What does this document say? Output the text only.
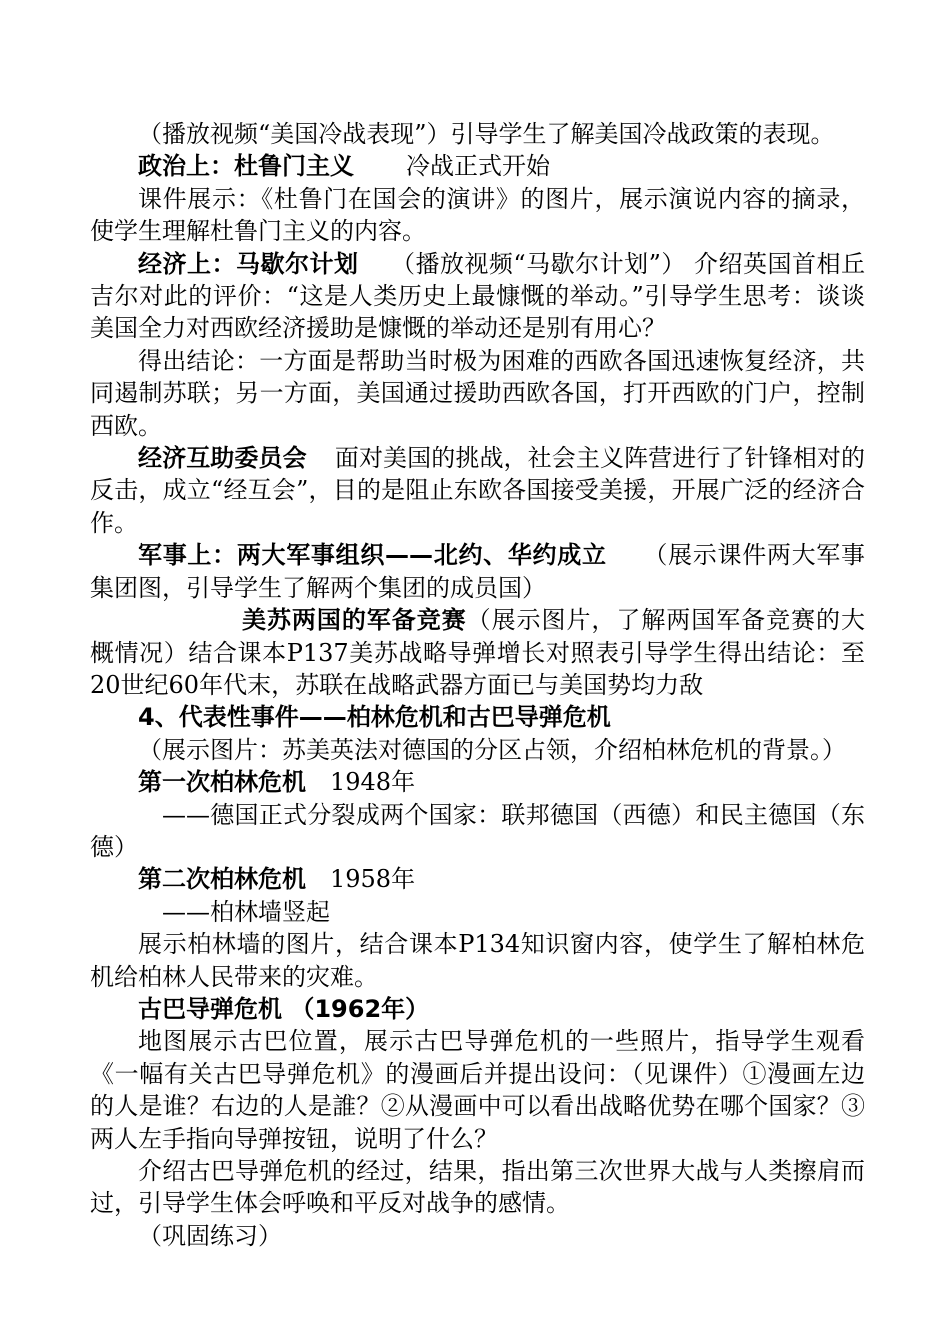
（播放视频“美国冷战表现”）引导学生了解美国冷战政策的表现。

政治上：杜鲁门主义 冷战正式开始

课件展示：《杜鲁门在国会的演讲》的图片，展示演说内容的摘录，使学生理解杜鲁门主义的内容。

经济上：马歇尔计划 （播放视频“马歇尔计划”） 介绍英国首相丘吉尔对此的评价：“这是人类历史上最慷慨的举动。”引导学生思考：谈谈美国全力对西欧经济援助是慷慨的举动还是别有用心？

得出结论：一方面是帮助当时极为困难的西欧各国迅速恢复经济，共同遏制苏联；另一方面，美国通过援助西欧各国，打开西欧的门户，控制西欧。

经济互助委员会 面对美国的挑战，社会主义阵营进行了针锋相对的反击，成立“经互会”，目的是阻止东欧各国接受美援，开展广泛的经济合作。

军事上：两大军事组织——北约、华约成立 （展示课件两大军事集团图，引导学生了解两个集团的成员国）

美苏两国的军备竞赛（展示图片，了解两国军备竞赛的大概情况）结合课本P137美苏战略导弹增长对照表引导学生得出结论：至20世纪60年代末，苏联在战略武器方面已与美国势均力敌

4、代表性事件——柏林危机和古巴导弹危机

（展示图片：苏美英法对德国的分区占领，介绍柏林危机的背景。）

第一次柏林危机 1948年

——德国正式分裂成两个国家：联邦德国（西德）和民主德国（东德）

第二次柏林危机 1958年

——柏林墙竖起

展示柏林墙的图片，结合课本P134知识窗内容，使学生了解柏林危机给柏林人民带来的灾难。

古巴导弹危机 （1962年）

地图展示古巴位置，展示古巴导弹危机的一些照片，指导学生观看《一幅有关古巴导弹危机》的漫画后并提出设问：（见课件）①漫画左边的人是谁？右边的人是誰？②从漫画中可以看出战略优势在哪个国家？③两人左手指向导弹按钮，说明了什么？

介绍古巴导弹危机的经过，结果，指出第三次世界大战与人类擦肩而过，引导学生体会呼唤和平反对战争的感情。

（巩固练习）
